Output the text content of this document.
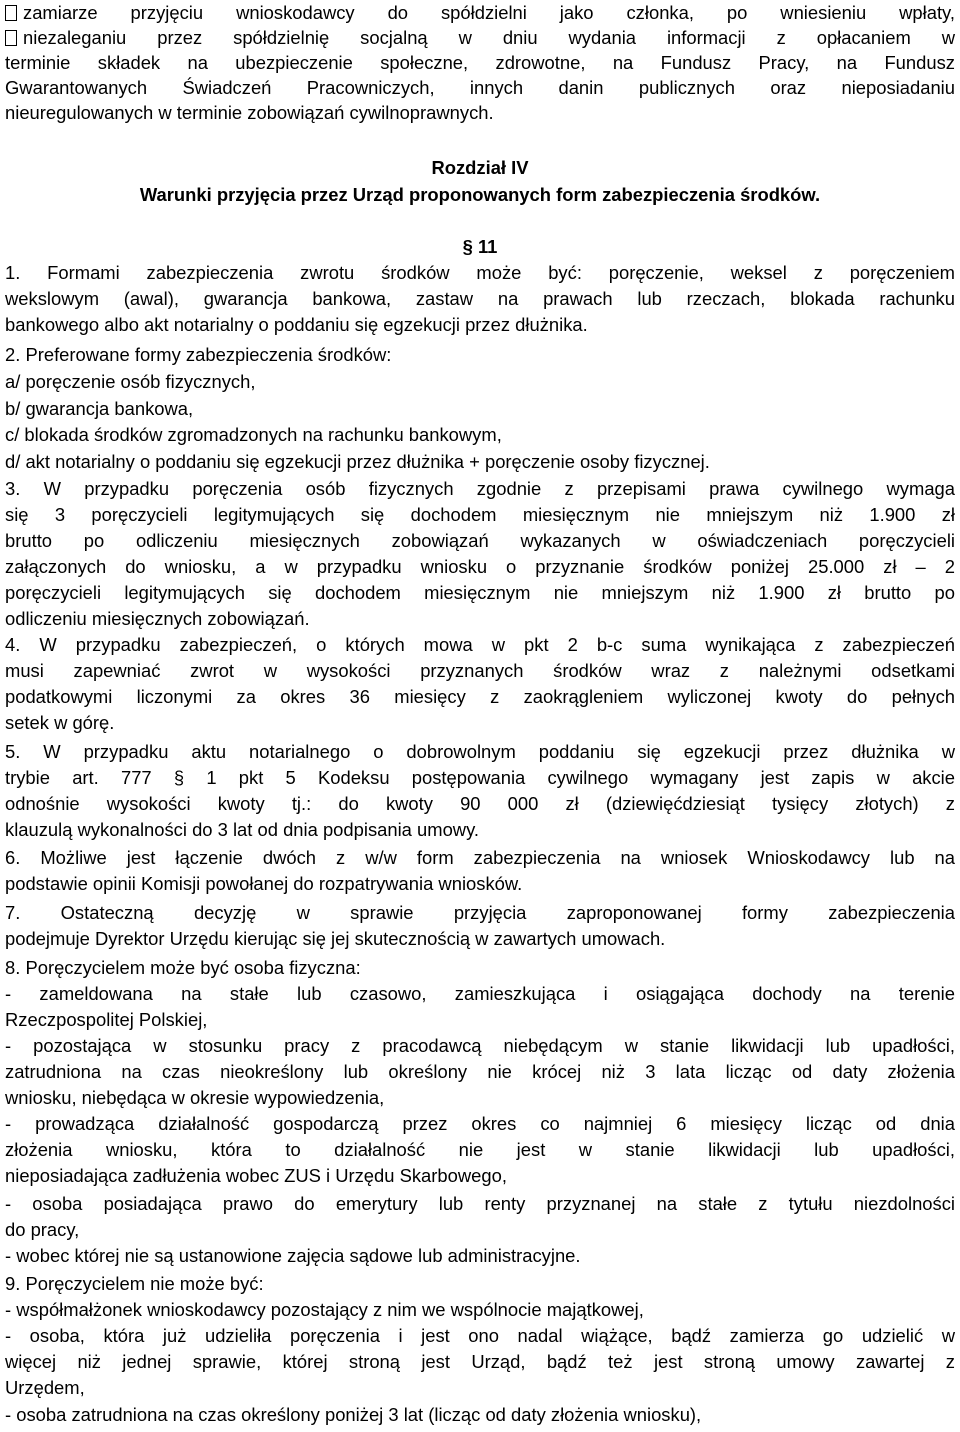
zamiarze przyjęciu wnioskodawcy do spółdzielni jako członka, po wniesieniu wpłaty,
niezaleganiu przez spółdzielnię socjalną w dniu wydania informacji z opłacaniem w
terminie składek na ubezpieczenie społeczne, zdrowotne, na Fundusz Pracy, na Fundusz
Gwarantowanych Świadczeń Pracowniczych, innych danin publicznych oraz nieposiadaniu
nieuregulowanych w terminie zobowiązań cywilnoprawnych.
Rozdział IV
Warunki przyjęcia przez Urząd proponowanych form zabezpieczenia środków.
§ 11
1. Formami zabezpieczenia zwrotu środków może być: poręczenie, weksel z poręczeniem
wekslowym (awal), gwarancja bankowa, zastaw na prawach lub rzeczach, blokada rachunku
bankowego albo akt notarialny o poddaniu się egzekucji przez dłużnika.
2. Preferowane formy zabezpieczenia środków:
a/ poręczenie osób fizycznych,
b/ gwarancja bankowa,
c/ blokada środków zgromadzonych na rachunku bankowym,
d/ akt notarialny o poddaniu się egzekucji przez dłużnika + poręczenie osoby fizycznej.
3. W przypadku poręczenia osób fizycznych zgodnie z przepisami prawa cywilnego wymaga
się 3 poręczycieli legitymujących się dochodem miesięcznym nie mniejszym niż 1.900 zł
brutto po odliczeniu miesięcznych zobowiązań wykazanych w oświadczeniach poręczycieli
załączonych do wniosku, a w przypadku wniosku o przyznanie środków poniżej 25.000 zł – 2
poręczycieli legitymujących się dochodem miesięcznym nie mniejszym niż 1.900 zł brutto po
odliczeniu miesięcznych zobowiązań.
4. W przypadku zabezpieczeń, o których mowa w pkt 2 b-c suma wynikająca z zabezpieczeń
musi zapewniać zwrot w wysokości przyznanych środków wraz z należnymi odsetkami
podatkowymi liczonymi za okres 36 miesięcy z zaokrągleniem wyliczonej kwoty do pełnych
setek w górę.
5. W przypadku aktu notarialnego o dobrowolnym poddaniu się egzekucji przez dłużnika w
trybie art. 777 § 1 pkt 5 Kodeksu postępowania cywilnego wymagany jest zapis w akcie
odnośnie wysokości kwoty tj.: do kwoty 90 000 zł (dziewięćdziesiąt tysięcy złotych) z
klauzulą wykonalności do 3 lat od dnia podpisania umowy.
6. Możliwe jest łączenie dwóch z w/w form zabezpieczenia na wniosek Wnioskodawcy lub na
podstawie opinii Komisji powołanej do rozpatrywania wniosków.
7. Ostateczną decyzję w sprawie przyjęcia zaproponowanej formy zabezpieczenia
podejmuje Dyrektor Urzędu kierując się jej skutecznością w zawartych umowach.
8. Poręczycielem może być osoba fizyczna:
- zameldowana na stałe lub czasowo, zamieszkująca i osiągająca dochody na terenie
Rzeczpospolitej Polskiej,
- pozostająca w stosunku pracy z pracodawcą niebędącym w stanie likwidacji lub upadłości,
zatrudniona na czas nieokreślony lub określony nie krócej niż 3 lata licząc od daty złożenia
wniosku, niebędąca w okresie wypowiedzenia,
- prowadząca działalność gospodarczą przez okres co najmniej 6 miesięcy licząc od dnia
złożenia wniosku, która to działalność nie jest w stanie likwidacji lub upadłości,
nieposiadająca zadłużenia wobec ZUS i Urzędu Skarbowego,
- osoba posiadająca prawo do emerytury lub renty przyznanej na stałe z tytułu niezdolności
do pracy,
- wobec której nie są ustanowione zajęcia sądowe lub administracyjne.
9. Poręczycielem nie może być:
- współmałżonek wnioskodawcy pozostający z nim we wspólnocie majątkowej,
- osoba, która już udzieliła poręczenia i jest ono nadal wiążące, bądź zamierza go udzielić w
więcej niż jednej sprawie, której stroną jest Urząd, bądź też jest stroną umowy zawartej z
Urzędem,
- osoba zatrudniona na czas określony poniżej 3 lat (licząc od daty złożenia wniosku),
